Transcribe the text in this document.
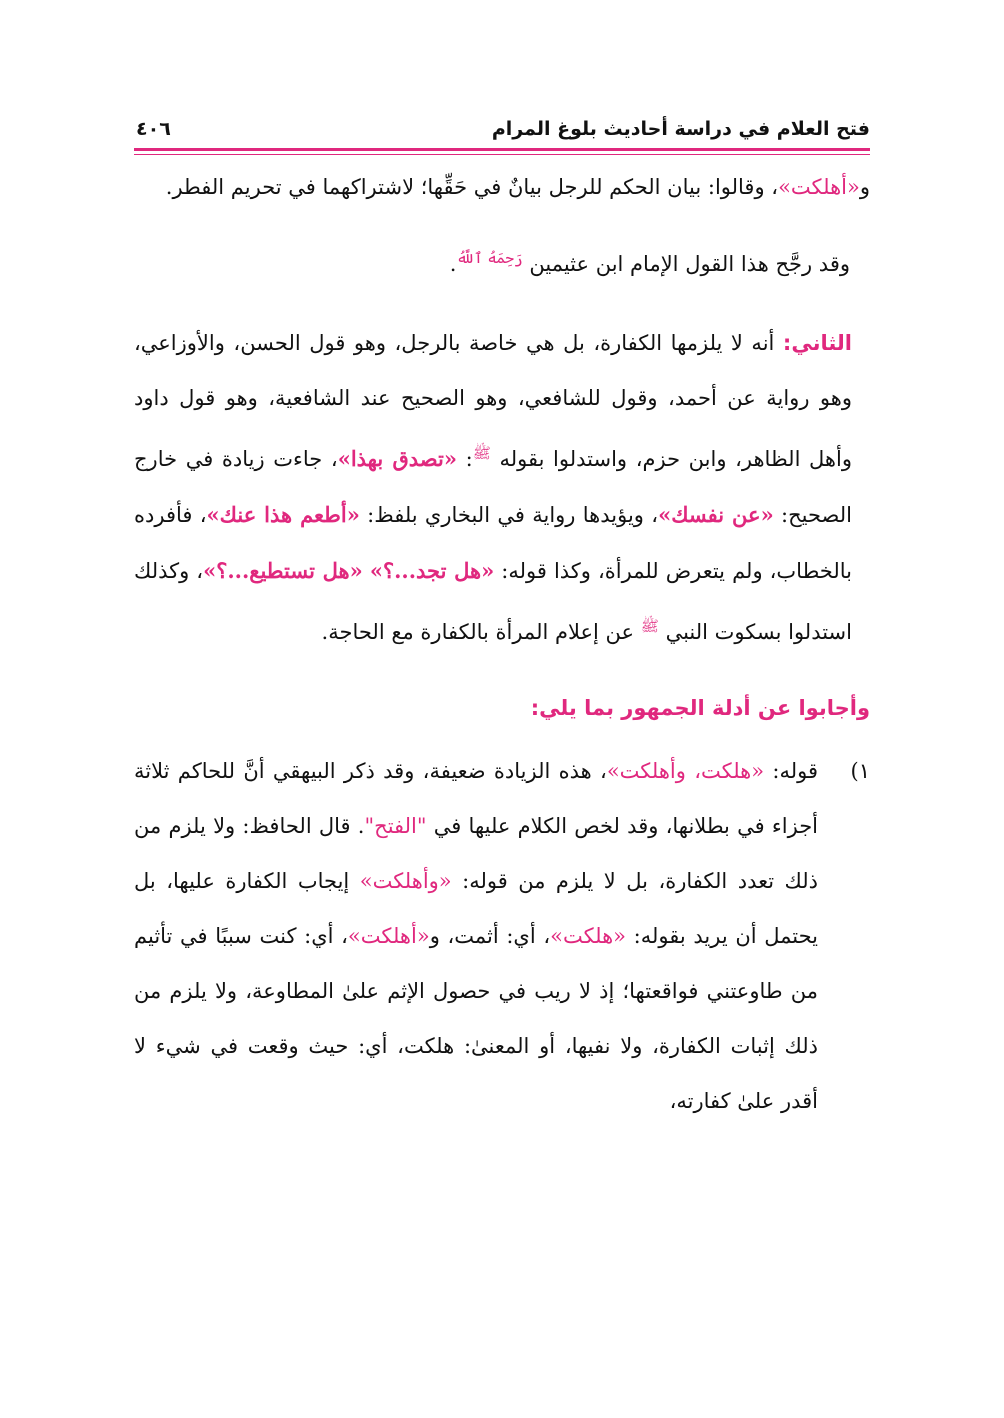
فتح العلام في دراسة أحاديث بلوغ المرام
٤٠٦

و«أهلكت»، وقالوا: بيان الحكم للرجل بيانٌ في حَقِّها؛ لاشتراكهما في تحريم الفطر.

وقد رجَّح هذا القول الإمام ابن عثيمين $^{رَحِمَهُ ٱللَّهُ}$.

الثاني: أنه لا يلزمها الكفارة، بل هي خاصة بالرجل، وهو قول الحسن، والأوزاعي، وهو رواية عن أحمد، وقول للشافعي، وهو الصحيح عند الشافعية، وهو قول داود وأهل الظاهر، وابن حزم، واستدلوا بقوله $^ﷺ$: «تصدق بهذا»، جاءت زيادة في خارج الصحيح: «عن نفسك»، ويؤيدها رواية في البخاري بلفظ: «أطعم هذا عنك»، فأفرده بالخطاب، ولم يتعرض للمرأة، وكذا قوله: «هل تجد...؟» «هل تستطيع...؟»، وكذلك استدلوا بسكوت النبي $^ﷺ$ عن إعلام المرأة بالكفارة مع الحاجة.

وأجابوا عن أدلة الجمهور بما يلي:
١)

قوله: «هلكت، وأهلكت»، هذه الزيادة ضعيفة، وقد ذكر البيهقي أنَّ للحاكم ثلاثة أجزاء في بطلانها، وقد لخص الكلام عليها في "الفتح". قال الحافظ: ولا يلزم من ذلك تعدد الكفارة، بل لا يلزم من قوله: «وأهلكت» إيجاب الكفارة عليها، بل يحتمل أن يريد بقوله: «هلكت»، أي: أثمت، و«أهلكت»، أي: كنت سببًا في تأثيم من طاوعتني فواقعتها؛ إذ لا ريب في حصول الإثم علىٰ المطاوعة، ولا يلزم من ذلك إثبات الكفارة، ولا نفيها، أو المعنىٰ: هلكت، أي: حيث وقعت في شيء لا أقدر علىٰ كفارته،
